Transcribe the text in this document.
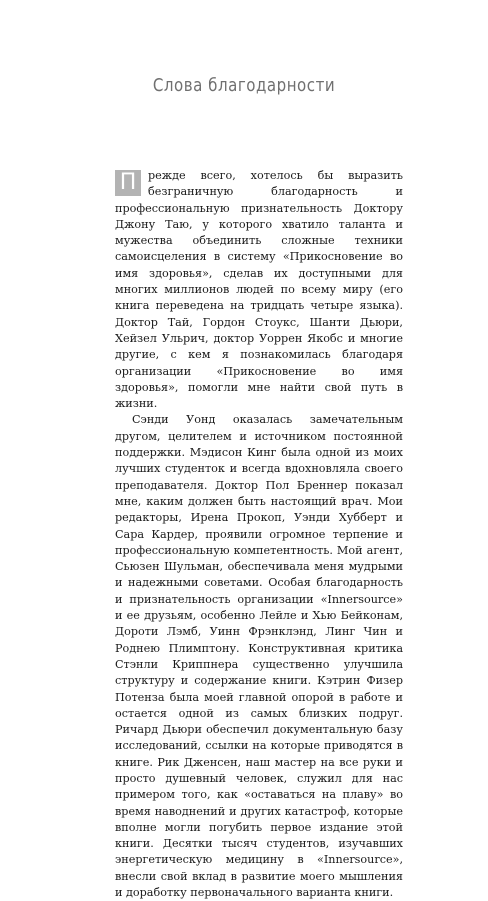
Слова благодарности

П	режде всего, хотелось бы выразить безграничную благодарность и профессиональную признательность Доктору Джону Таю, у которого хватило таланта и мужества объединить сложные техники самоисцеления в систему «Прикосновение во имя здоровья», сделав их доступными для многих миллионов людей по всему миру (его книга переведена на тридцать четыре языка). Доктор Тай, Гордон Стоукс, Шанти Дьюри, Хейзел Ульрич, доктор Уоррен Якобс и многие другие, с кем я познакомилась благодаря организации «Прикосновение во имя здоровья», помогли мне найти свой путь в жизни.

Сэнди Уонд оказалась замечательным другом, целителем и источником постоянной поддержки. Мэдисон Кинг была одной из моих лучших студенток и всегда вдохновляла своего преподавателя. Доктор Пол Бреннер показал мне, каким должен быть настоящий врач. Мои редакторы, Ирена Прокоп, Уэнди Хубберт и Сара Кардер, проявили огромное терпение и профессиональную компетентность. Мой агент, Сьюзен Шульман, обеспечивала меня мудрыми и надежными советами. Особая благодарность и признательность организации «Innersource» и ее друзьям, особенно Лейле и Хью Бейконам, Дороти Лэмб, Уинн Фрэнклэнд, Линг Чин и Роднею Плимптону. Конструктивная критика Стэнли Криппнера существенно улучшила структуру и содержание книги. Кэтрин Физер Потенза была моей главной опорой в работе и остается одной из самых близких подруг. Ричард Дьюри обеспечил документальную базу исследований, ссылки на которые приводятся в книге. Рик Дженсен, наш мастер на все руки и просто душевный человек, служил для нас примером того, как «оставаться на плаву» во время наводнений и других катастроф, которые вполне могли погубить первое издание этой книги. Десятки тысяч студентов, изучавших энергетическую медицину в «Innersource», внесли свой вклад в развитие моего мышления и доработку первоначального варианта книги.
